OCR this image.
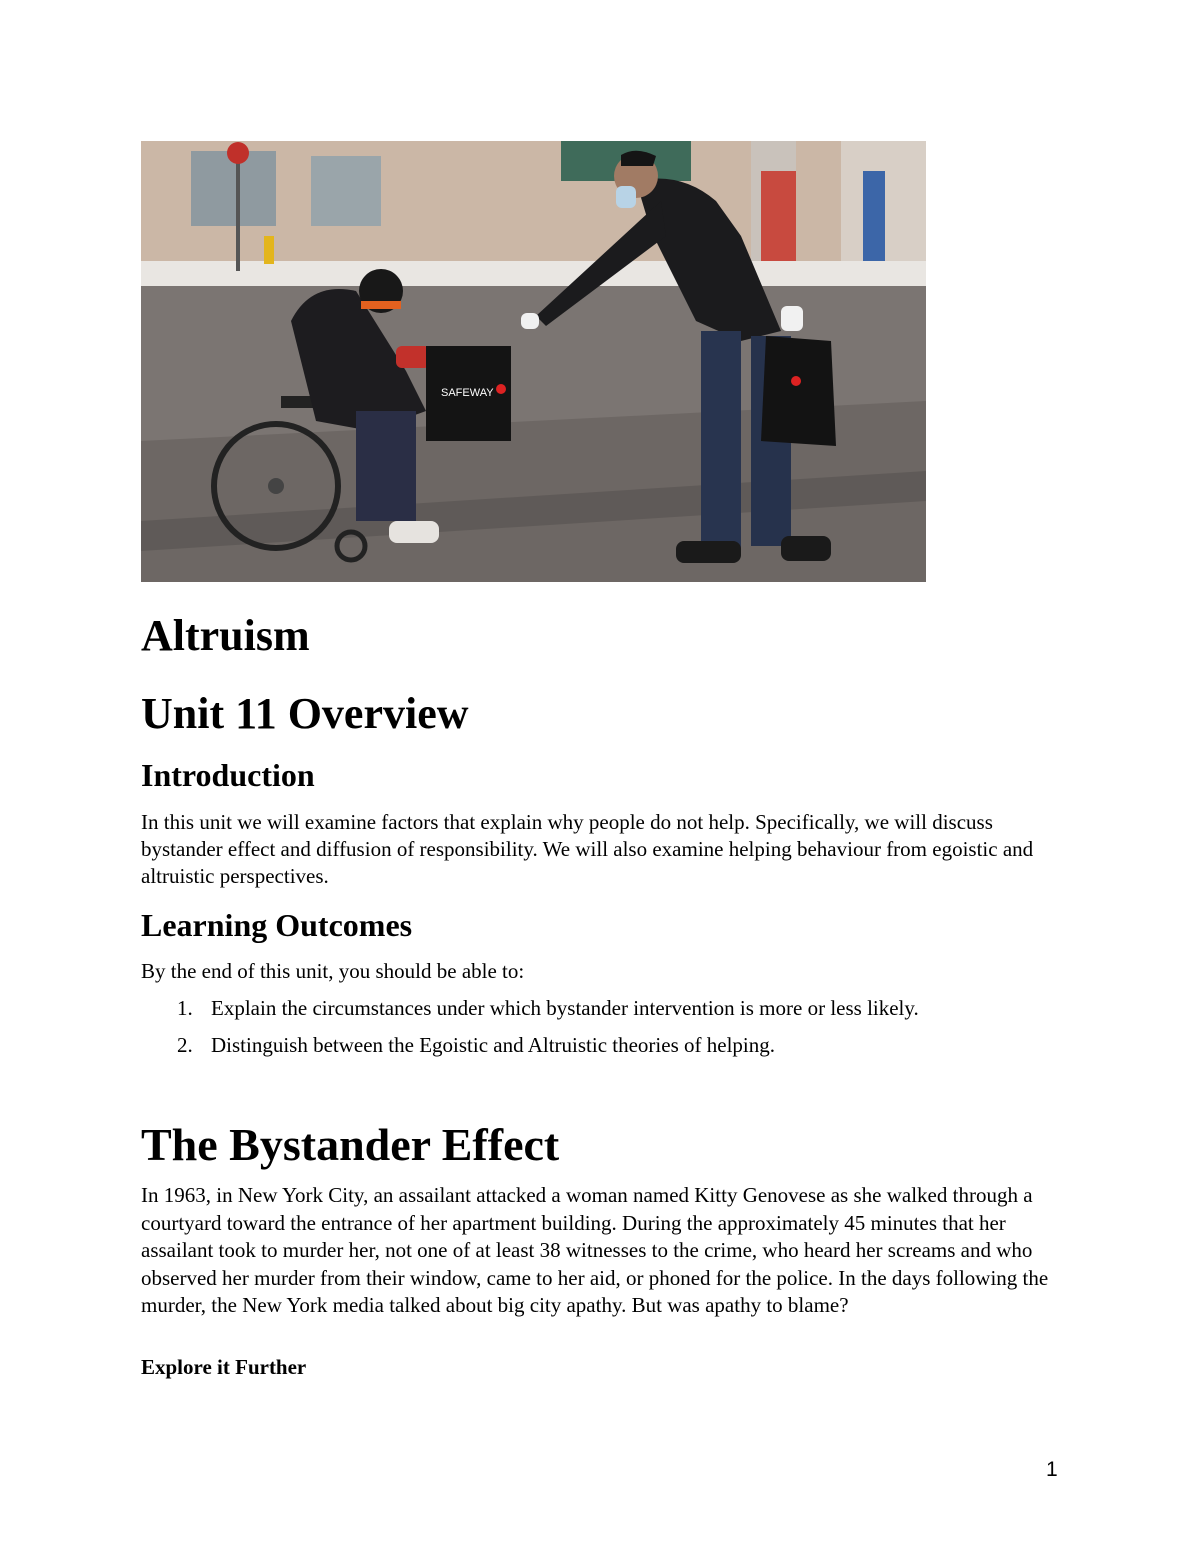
SAFEWAY
Altruism
Unit 11 Overview
Introduction

In this unit we will examine factors that explain why people do not help. Specifically, we will discuss bystander effect and diffusion of responsibility. We will also examine helping behaviour from egoistic and altruistic perspectives.

Learning Outcomes

By the end of this unit, you should be able to:

1. Explain the circumstances under which bystander intervention is more or less likely.
2. Distinguish between the Egoistic and Altruistic theories of helping.
The Bystander Effect

In 1963, in New York City, an assailant attacked a woman named Kitty Genovese as she walked through a courtyard toward the entrance of her apartment building. During the approximately 45 minutes that her assailant took to murder her, not one of at least 38 witnesses to the crime, who heard her screams and who observed her murder from their window, came to her aid, or phoned for the police. In the days following the murder, the New York media talked about big city apathy. But was apathy to blame?

Explore it Further

1
